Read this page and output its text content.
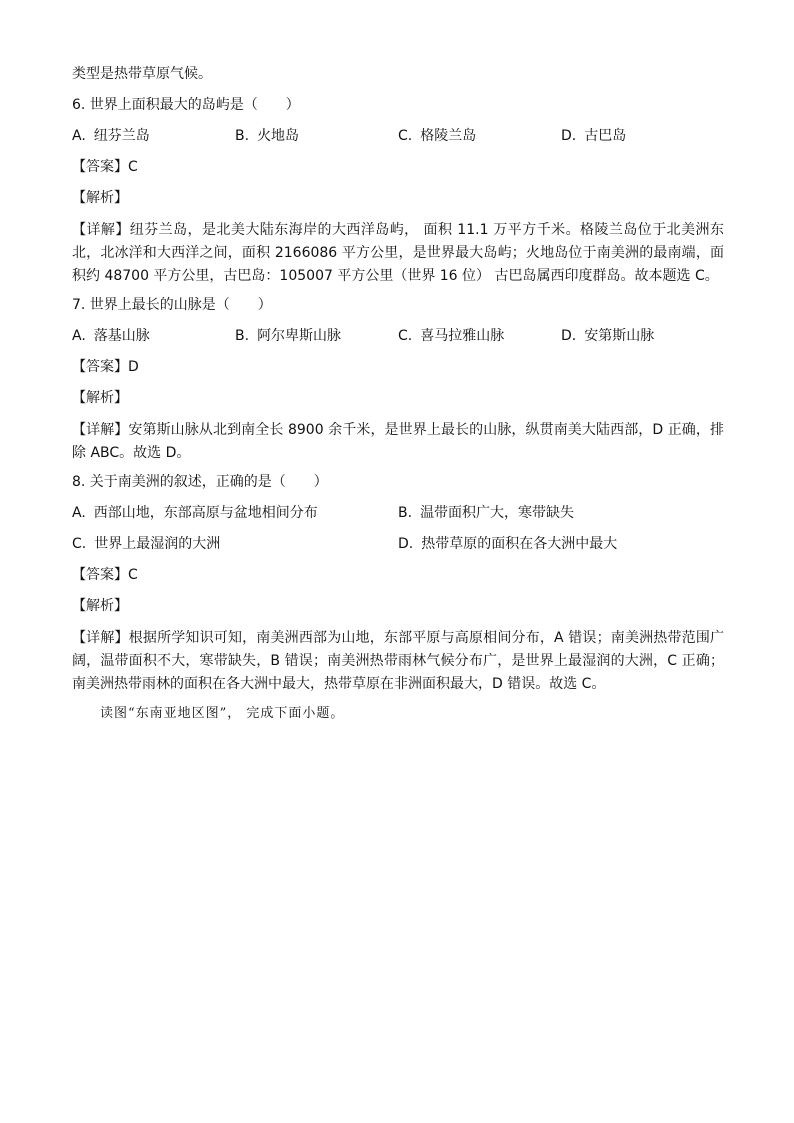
类型是热带草原气候。
6. 世界上面积最大的岛屿是（　　）
A. 纽芬兰岛	B. 火地岛	C. 格陵兰岛	D. 古巴岛
【答案】C
【解析】
【详解】纽芬兰岛，是北美大陆东海岸的大西洋岛屿， 面积 11.1 万平方千米。格陵兰岛位于北美洲东北，北冰洋和大西洋之间，面积 2166086 平方公里，是世界最大岛屿；火地岛位于南美洲的最南端，面积约 48700 平方公里，古巴岛：105007 平方公里（世界 16 位） 古巴岛属西印度群岛。故本题选 C。
7. 世界上最长的山脉是（　　）
A. 落基山脉	B. 阿尔卑斯山脉	C. 喜马拉雅山脉	D. 安第斯山脉
【答案】D
【解析】
【详解】安第斯山脉从北到南全长 8900 余千米，是世界上最长的山脉，纵贯南美大陆西部，D 正确，排除 ABC。故选 D。
8. 关于南美洲的叙述，正确的是（　　）
A. 西部山地，东部高原与盆地相间分布	B. 温带面积广大，寒带缺失
C. 世界上最湿润的大洲	D. 热带草原的面积在各大洲中最大
【答案】C
【解析】
【详解】根据所学知识可知，南美洲西部为山地，东部平原与高原相间分布，A 错误；南美洲热带范围广阔，温带面积不大，寒带缺失，B 错误；南美洲热带雨林气候分布广，是世界上最湿润的大洲，C 正确；南美洲热带雨林的面积在各大洲中最大，热带草原在非洲面积最大，D 错误。故选 C。
读图“东南亚地区图”， 完成下面小题。
